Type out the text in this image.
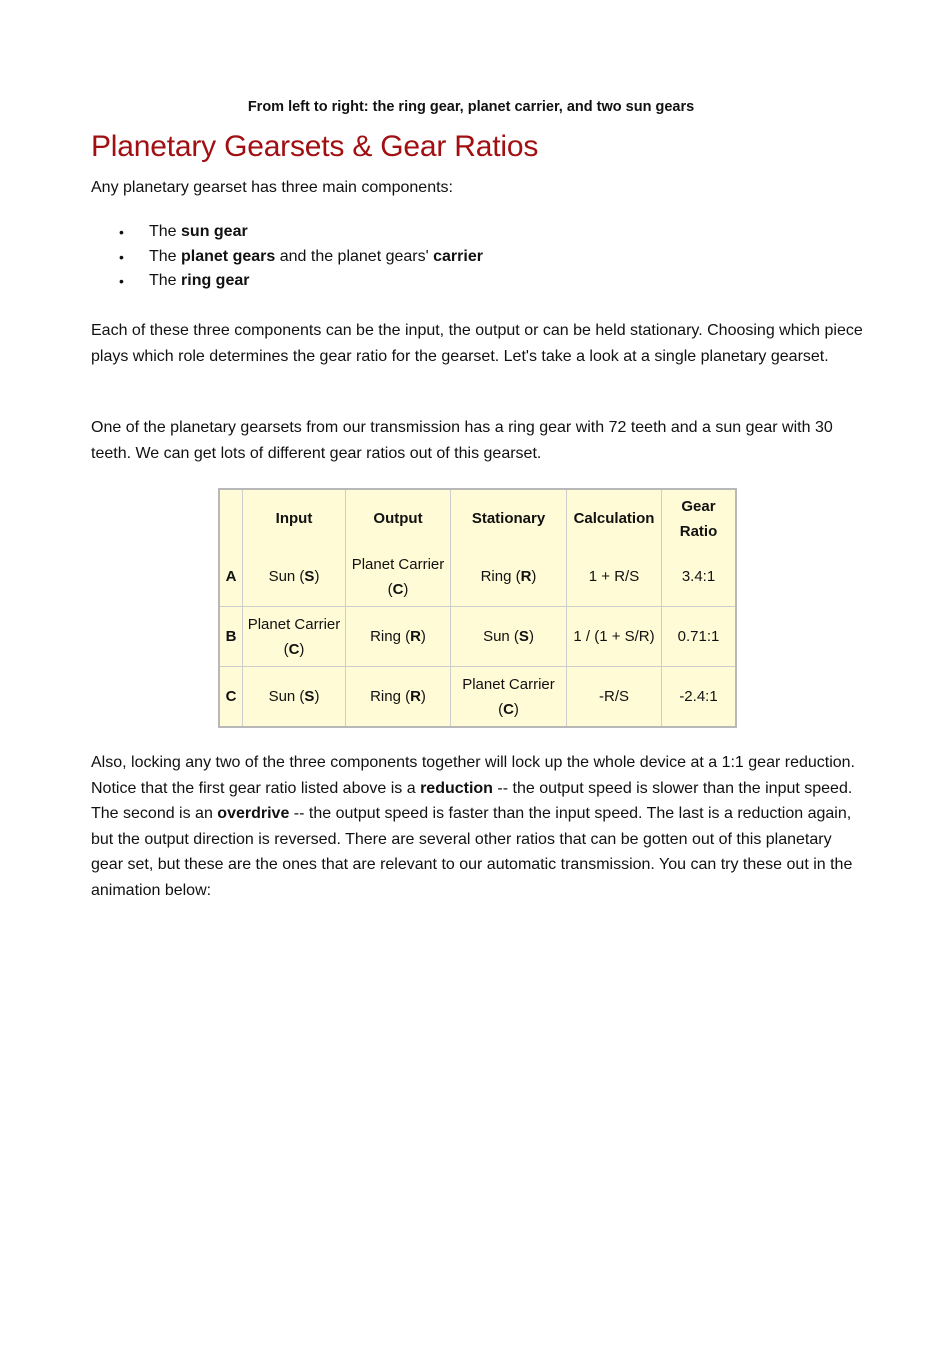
From left to right: the ring gear, planet carrier, and two sun gears
Planetary Gearsets & Gear Ratios

Any planetary gearset has three main components:

• The sun gear
• The planet gears and the planet gears' carrier
• The ring gear

Each of these three components can be the input, the output or can be held stationary. Choosing which piece plays which role determines the gear ratio for the gearset. Let's take a look at a single planetary gearset.

One of the planetary gearsets from our transmission has a ring gear with 72 teeth and a sun gear with 30 teeth. We can get lots of different gear ratios out of this gearset.

	Input	Output	Stationary	Calculation	Gear Ratio
A	Sun (S)	Planet Carrier (C)	Ring (R)	1 + R/S	3.4:1
B	Planet Carrier (C)	Ring (R)	Sun (S)	1 / (1 + S/R)	0.71:1
C	Sun (S)	Ring (R)	Planet Carrier (C)	-R/S	-2.4:1

Also, locking any two of the three components together will lock up the whole device at a 1:1 gear reduction. Notice that the first gear ratio listed above is a reduction -- the output speed is slower than the input speed. The second is an overdrive -- the output speed is faster than the input speed. The last is a reduction again, but the output direction is reversed. There are several other ratios that can be gotten out of this planetary gear set, but these are the ones that are relevant to our automatic transmission. You can try these out in the animation below:
